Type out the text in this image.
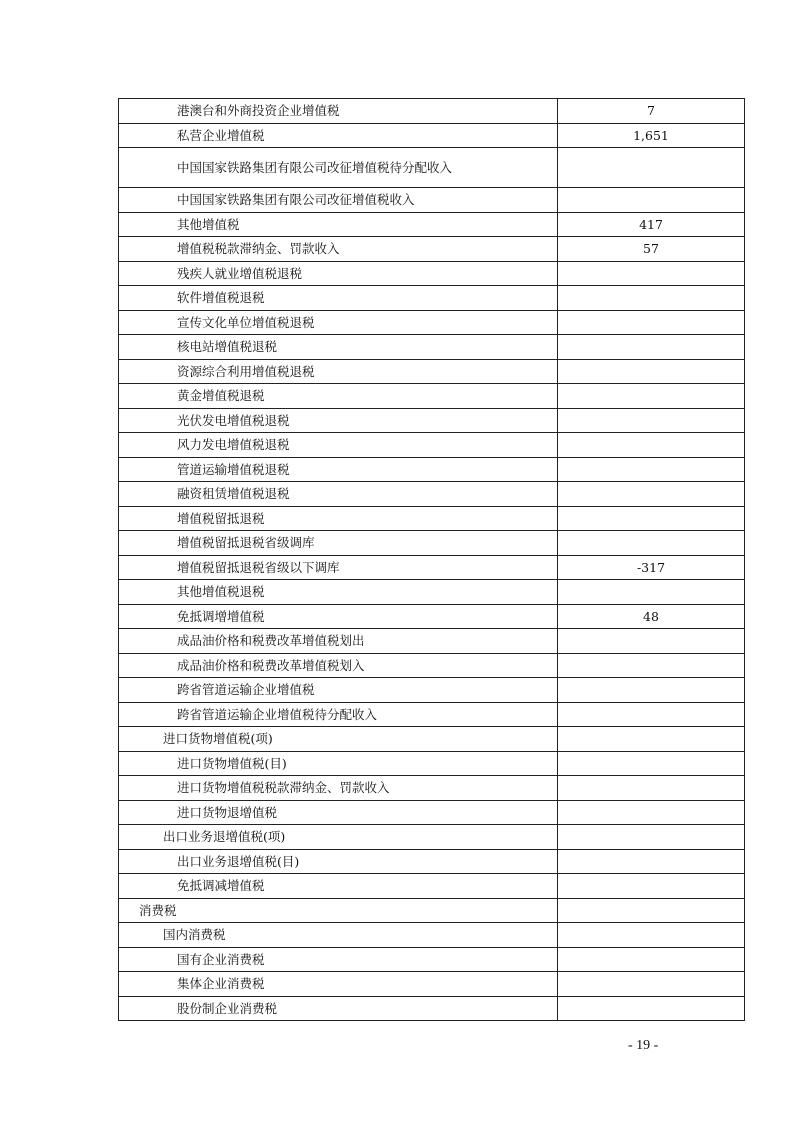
港澳台和外商投资企业增值税	7
私营企业增值税	1,651
中国国家铁路集团有限公司改征增值税待分配收入	
中国国家铁路集团有限公司改征增值税收入	
其他增值税	417
增值税税款滞纳金、罚款收入	57
残疾人就业增值税退税	
软件增值税退税	
宣传文化单位增值税退税	
核电站增值税退税	
资源综合利用增值税退税	
黄金增值税退税	
光伏发电增值税退税	
风力发电增值税退税	
管道运输增值税退税	
融资租赁增值税退税	
增值税留抵退税	
增值税留抵退税省级调库	
增值税留抵退税省级以下调库	-317
其他增值税退税	
免抵调增增值税	48
成品油价格和税费改革增值税划出	
成品油价格和税费改革增值税划入	
跨省管道运输企业增值税	
跨省管道运输企业增值税待分配收入	
进口货物增值税(项)	
进口货物增值税(目)	
进口货物增值税税款滞纳金、罚款收入	
进口货物退增值税	
出口业务退增值税(项)	
出口业务退增值税(目)	
免抵调减增值税	
消费税	
国内消费税	
国有企业消费税	
集体企业消费税	
股份制企业消费税	
- 19 -
